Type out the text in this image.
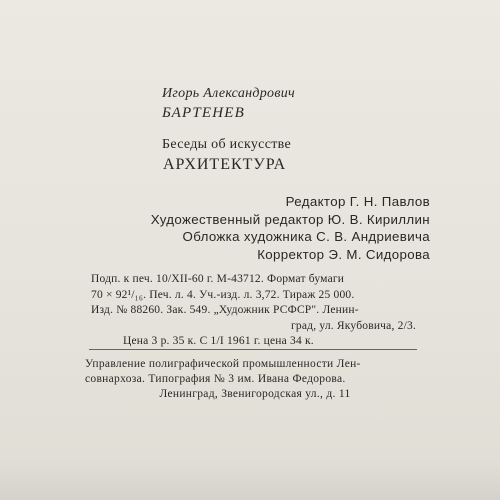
Игорь Александрович
БАРТЕНЕВ
Беседы об искусстве
АРХИТЕКТУРА
Редактор Г. Н. Павлов
Художественный редактор Ю. В. Кириллин
Обложка художника С. В. Андриевича
Корректор Э. М. Сидорова
Подп. к печ. 10/XII-60 г. М-43712. Формат бумаги
70 × 92¹/₁₆. Печ. л. 4. Уч.-изд. л. 3,72. Тираж 25 000.
Изд. № 88260. Зак. 549. „Художник РСФСР". Ленин-
град, ул. Якубовича, 2/3.
Цена 3 р. 35 к. С 1/I 1961 г. цена 34 к.
Управление полиграфической промышленности Лен-
совнархоза. Типография № 3 им. Ивана Федорова.
Ленинград, Звенигородская ул., д. 11
